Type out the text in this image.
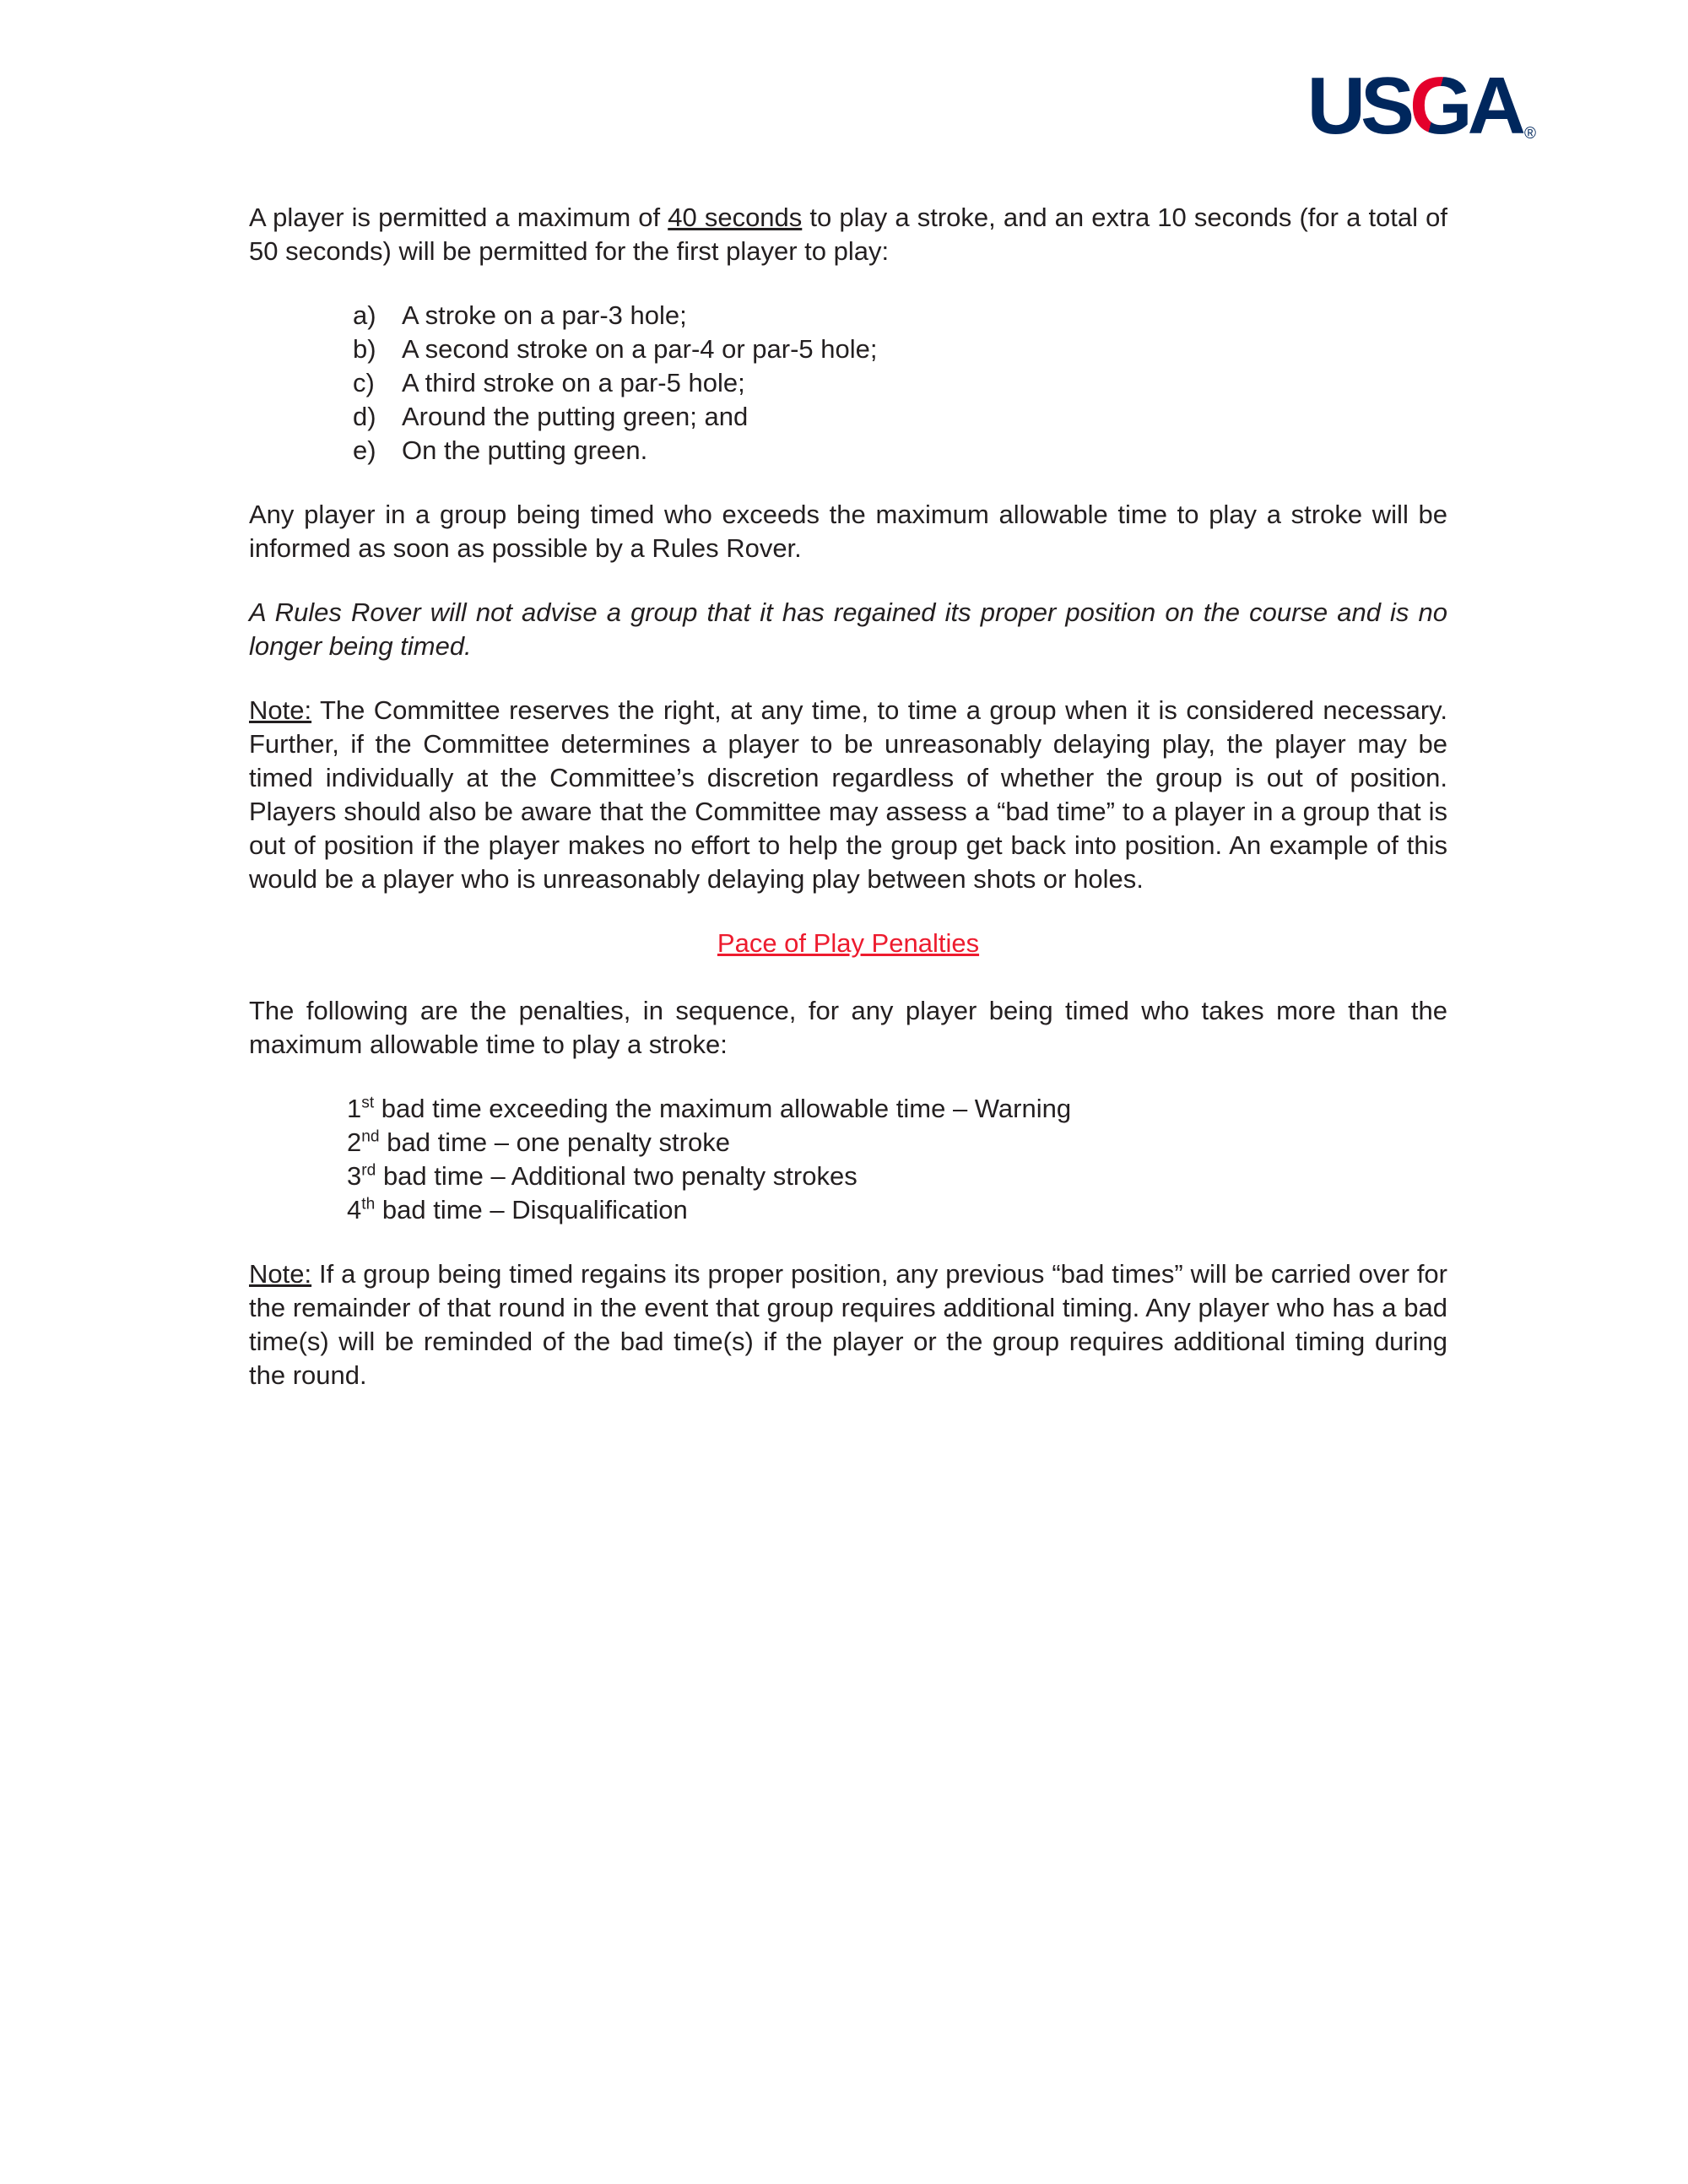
US G A ®

A player is permitted a maximum of 40 seconds to play a stroke, and an extra 10 seconds (for a total of 50 seconds) will be permitted for the first player to play:

a) A stroke on a par-3 hole;
b) A second stroke on a par-4 or par-5 hole;
c)	A third stroke on a par-5 hole;
d) Around the putting green; and
e) On the putting green.

Any player in a group being timed who exceeds the maximum allowable time to play a stroke will be informed as soon as possible by a Rules Rover.

A Rules Rover will not advise a group that it has regained its proper position on the course and is no longer being timed.

Note: The Committee reserves the right, at any time, to time a group when it is considered necessary. Further, if the Committee determines a player to be unreasonably delaying play, the player may be timed individually at the Committee’s discretion regardless of whether the group is out of position. Players should also be aware that the Committee may assess a “bad time” to a player in a group that is out of position if the player makes no effort to help the group get back into position. An example of this would be a player who is unreasonably delaying play between shots or holes.

Pace of Play Penalties

The following are the penalties, in sequence, for any player being timed who takes more than the maximum allowable time to play a stroke:

1st bad time exceeding the maximum allowable time – Warning
2nd bad time – one penalty stroke
3rd bad time – Additional two penalty strokes
4th bad time – Disqualification

Note: If a group being timed regains its proper position, any previous “bad times” will be carried over for the remainder of that round in the event that group requires additional timing. Any player who has a bad time(s) will be reminded of the bad time(s) if the player or the group requires additional timing during the round.
